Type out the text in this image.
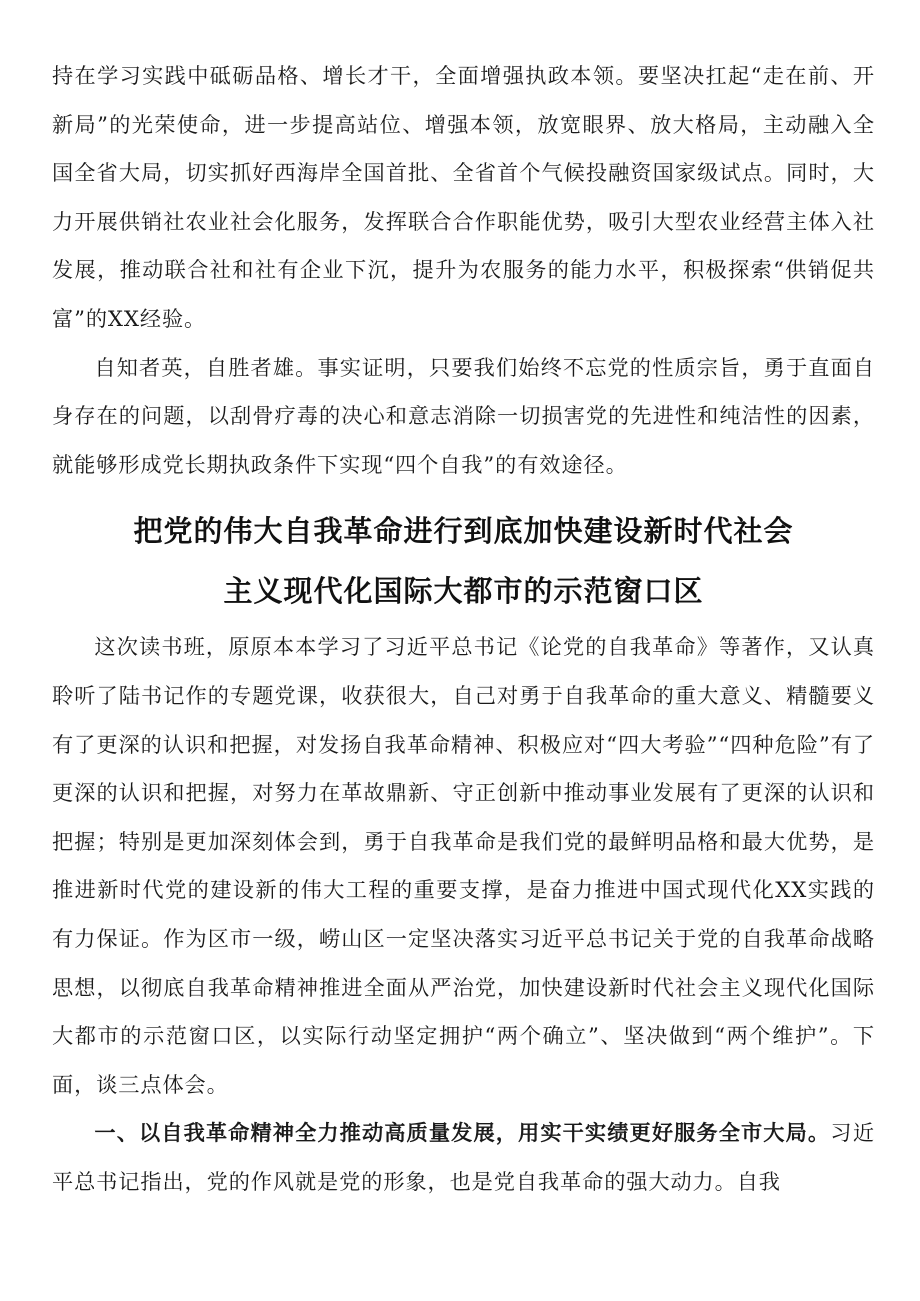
持在学习实践中砥砺品格、增长才干，全面增强执政本领。要坚决扛起“走在前、开新局”的光荣使命，进一步提高站位、增强本领，放宽眼界、放大格局，主动融入全国全省大局，切实抓好西海岸全国首批、全省首个气候投融资国家级试点。同时，大力开展供销社农业社会化服务，发挥联合合作职能优势，吸引大型农业经营主体入社发展，推动联合社和社有企业下沉，提升为农服务的能力水平，积极探索“供销促共富”的XX经验。

自知者英，自胜者雄。事实证明，只要我们始终不忘党的性质宗旨，勇于直面自身存在的问题，以刮骨疗毒的决心和意志消除一切损害党的先进性和纯洁性的因素，就能够形成党长期执政条件下实现“四个自我”的有效途径。

把党的伟大自我革命进行到底加快建设新时代社会
主义现代化国际大都市的示范窗口区

这次读书班，原原本本学习了习近平总书记《论党的自我革命》等著作，又认真聆听了陆书记作的专题党课，收获很大，自己对勇于自我革命的重大意义、精髓要义有了更深的认识和把握，对发扬自我革命精神、积极应对“四大考验”“四种危险”有了更深的认识和把握，对努力在革故鼎新、守正创新中推动事业发展有了更深的认识和把握；特别是更加深刻体会到，勇于自我革命是我们党的最鲜明品格和最大优势，是推进新时代党的建设新的伟大工程的重要支撑，是奋力推进中国式现代化XX实践的有力保证。作为区市一级，崂山区一定坚决落实习近平总书记关于党的自我革命战略思想，以彻底自我革命精神推进全面从严治党，加快建设新时代社会主义现代化国际大都市的示范窗口区，以实际行动坚定拥护“两个确立”、坚决做到“两个维护”。下面，谈三点体会。

一、以自我革命精神全力推动高质量发展，用实干实绩更好服务全市大局。习近平总书记指出，党的作风就是党的形象，也是党自我革命的强大动力。自我
